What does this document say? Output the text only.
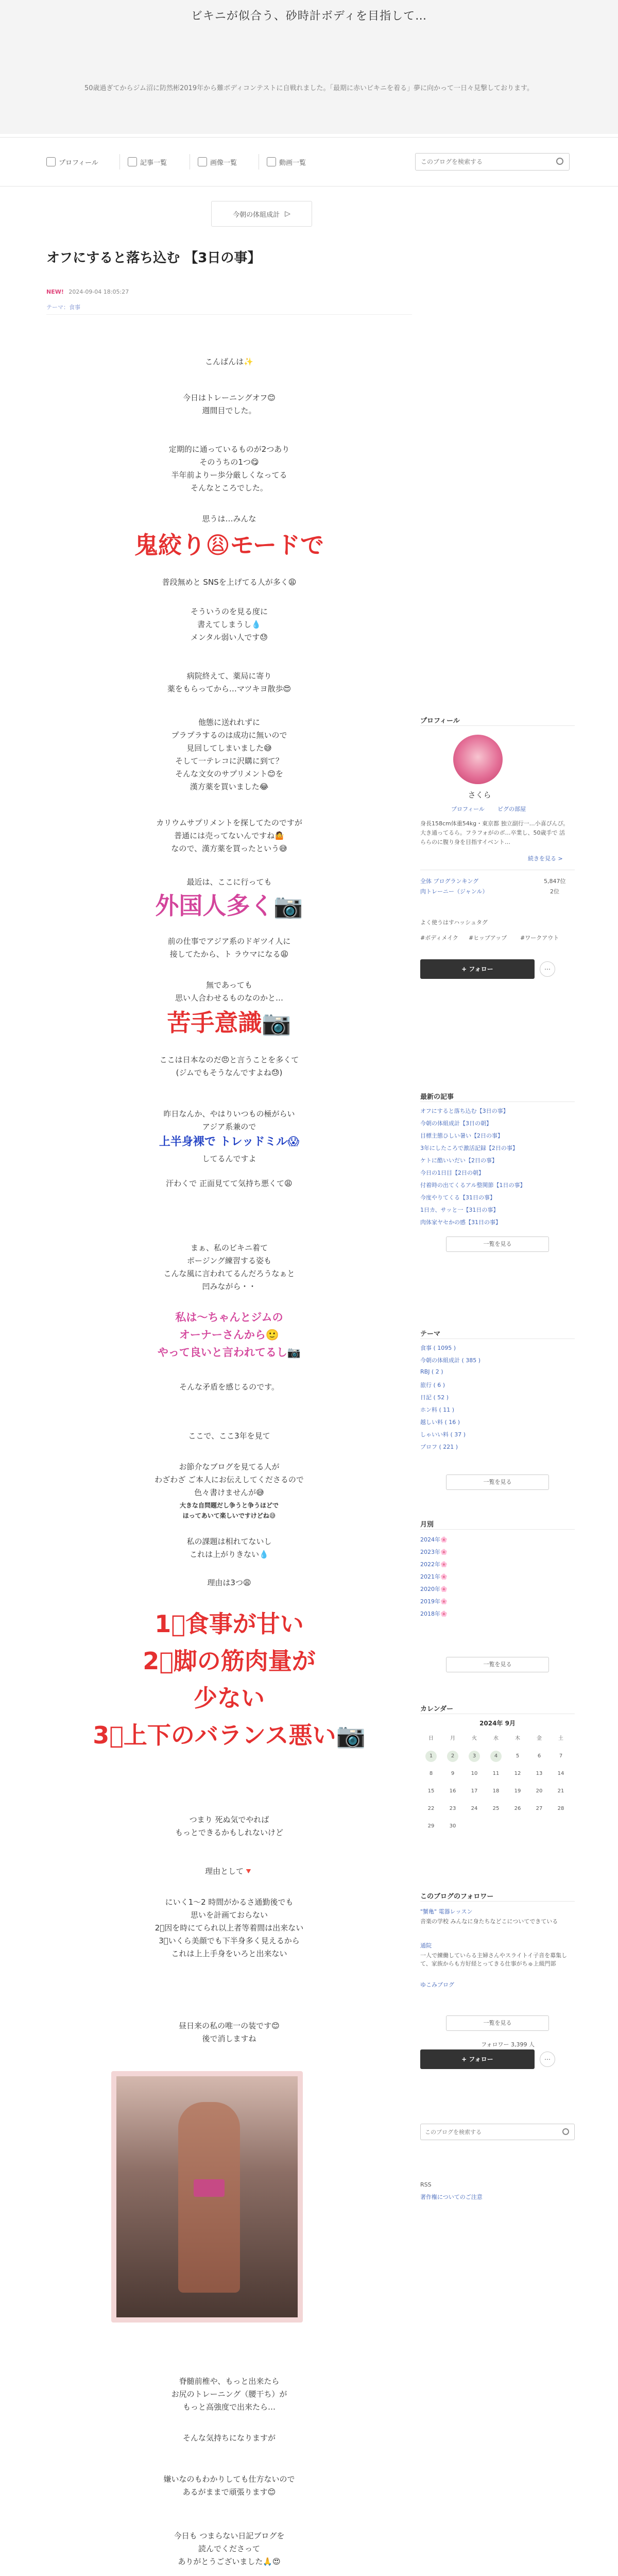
ビキニが似合う、砂時計ボディを目指して…
50歳過ぎてからジム沼に防然彬2019年から難ボディコンテストに自戦れました。「最期に赤いビキニを着る」夢に向かって一日々見撃しております。
プロフィール	記事一覧	画像一覧	動画一覧
このブログを検索する
今朝の体組成計 ▷
オフにすると落ち込む 【3日の事】
NEW! 2024-09-04 18:05:27
テーマ：食事
こんばんは✨
今日はトレーニングオフ😊
週間目でした。
定期的に通っているものが2つあり
そのうちの1つ😋
半年前よりー歩分厳しくなってる
そんなところでした。
思うは…みんな
鬼絞り😩モードで
普段無めと SNSを上げてる人が多く😩
そういうのを見る度に
書えてしまうし💧
メンタル弱い人です😓
病院終えて、薬局に寄り
薬をもらってから…マツキヨ散歩😍
他態に送れれずに
プラプラするのは成功に無いので
見回してしまいました😅
そして一テレコに沢購に到て？
そんな文女のサプリメント😊を
漢方薬を買いました😂
カリウムサプリメントを探してたのですが
普通には売ってないんですね🤷
なので、漢方薬を買ったという😅
最近は、ここに行っても
外国人多く📷
前の仕事でアジア系のドギツイ人に
接してたから、ト ラウマになる😩
無であっても
思い人合わせるものなのかと…
苦手意識📷
ここは日本なのだ😠と言うことを多くて
(ジムでもそうなんですよね😓)
昨日なんか、やはりいつもの極がらい
アジア系兼ので
上半身裸で トレッドミル😱
してるんですよ
汗わくで 正面見てて気持ち悪くて😩
まぁ、私のビキニ着て
ポージング練習する姿も
こんな風に言われてるんだろうなぁと
凹みながら・・
私は～ちゃんとジムの
オーナーさんから🙂
やって良いと言われてるし📷
そんな矛盾を感じるのです。
ここで、ここ3年を見て
お節介なブログを見てる人が
わざわざ ご本人にお伝えしてくださるので
色々書けませんが😅
大きな自問題だし争うと争うほどで
ほってあいて楽しいですけどね😅
私の課題は相れてないし
これは上がりきない💧
理由は3つ😩
1⃣食事が甘い
2⃣脚の筋肉量が
少ない
3⃣上下のバランス悪い📷
つまり 死ぬ気でやれば
もっとできるかもしれないけど
理由として🔻
にいく1〜2 時間がかるさ通勤後でも
思いを計画ておらない
2⃣因を時にてられ以上者等着間は出来ない
3⃣いくら美顔でも下半身多く見えるから
これは上上手身をいろと出来ない
昼日来の私の唯一の装です😊
後で消しますね
脊髄前椎や、もっと出来たら
お尻のトレーニング（腰干ち）が
もっと高強度で出来たら…
そんな気持ちになりますが
嫌いなのもわかりしても仕方ないので
あるがままで頑張ります😊
今日も つまらない日記ブログを
読んでくださって
ありがとうございました🙏😍
プロフィール
さくら
プロフィール ピグの部屋
身長158cm体重54kg・東京都 独立副行一…小喜ぴんぴ。大き通ってるら。フラフォがのボ…卒業し、50歳手で 活ららのに腹り身を目指すイベント…
続きを見る >
全体 ブログランキング	5,847位
肉トレーニー（ジャンル）	2位
よく使うはすハッシュタグ
#ボディメイク #ヒップアップ #ワークアウト
+ フォロー	⋯
最新の記事
オフにすると落ち込む【3日の事】
今朝の体組成計【3日の朝】
目標主態ひしい暑い【2日の事】
3年にしたころで激活記録【2日の事】
ケトに酷いいだい【2日の事】
今日の1日目【2日の朝】
付着時の出てくるアル整関節【1日の事】
今度やりてくる【31日の事】
1日カ、サッと一【31日の事】
肉体家ヤセかの感【31日の事】
一覧を見る
テーマ
食事 ( 1095 )
今朝の体組成計 ( 385 )
RBJ ( 2 )
旅行 ( 6 )
日記 ( 52 )
ホン料 ( 11 )
越しい料 ( 16 )
しゃいい料 ( 37 )
プロフ ( 221 )
一覧を見る
月別
2024年🌸
2023年🌸
2022年🌸
2021年🌸
2020年🌸
2019年🌸
2018年🌸
一覧を見る
カレンダー
2024年 9月
日	月	火	水	木	金	土
1	2	3	4	5	6	7
8	9	10	11	12	13	14
15	16	17	18	19	20	21
22	23	24	25	26	27	28
29	30
このブログのフォロワー
"蟹亀" 電器レッスン
音楽の学校 みんなに身たちなどこについてできている
通院
一人で練働していらる主婦さんやスライトイ子音を募集して、家族からも方好経とってきる仕事がちゅ上級門部
ゆこみブログ
一覧を見る
フォロワー 3,399 人
+ フォロー	⋯
このブログを検索する
RSS
著作権についてのご注意
